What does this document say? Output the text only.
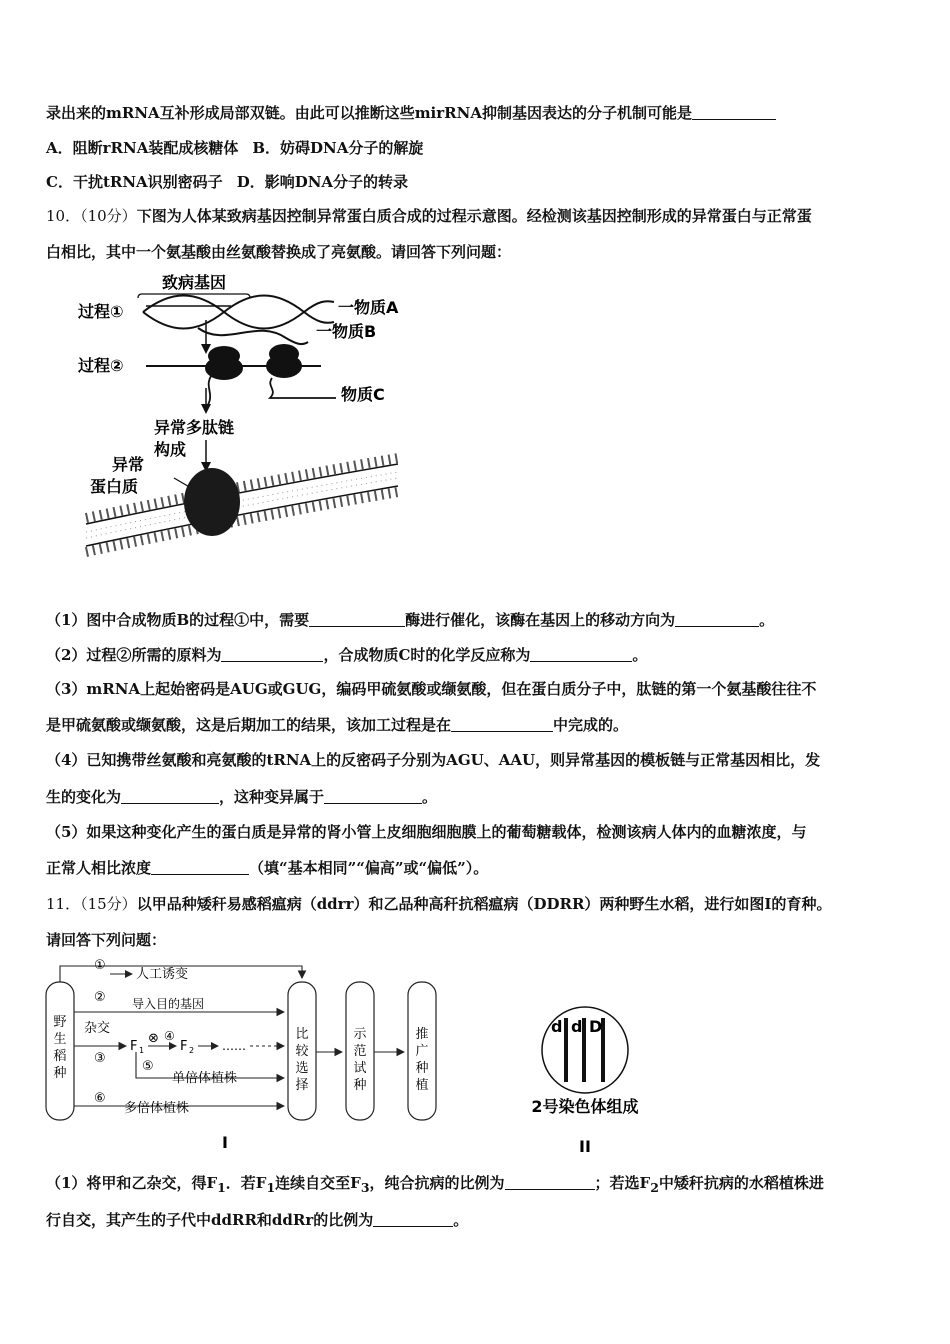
录出来的mRNA互补形成局部双链。由此可以推断这些mirRNA抑制基因表达的分子机制可能是
A．阻断rRNA装配成核糖体 B．妨碍DNA分子的解旋
C．干扰tRNA识别密码子 D．影响DNA分子的转录
10．（10分）下图为人体某致病基因控制异常蛋白质合成的过程示意图。经检测该基因控制形成的异常蛋白与正常蛋
白相比，其中一个氨基酸由丝氨酸替换成了亮氨酸。请回答下列问题：
致病基因
过程①	一物质A
一物质B
过程②
物质C
异常多肽链
构成
异常
蛋白质
（1）图中合成物质B的过程①中，需要	酶进行催化，该酶在基因上的移动方向为	。
（2）过程②所需的原料为	，合成物质C时的化学反应称为	。
（3）mRNA上起始密码是AUG或GUG，编码甲硫氨酸或缬氨酸，但在蛋白质分子中，肽链的第一个氨基酸往往不
是甲硫氨酸或缬氨酸，这是后期加工的结果，该加工过程是在	中完成的。
（4）已知携带丝氨酸和亮氨酸的tRNA上的反密码子分别为AGU、AAU，则异常基因的模板链与正常基因相比，发
生的变化为	，这种变异属于	。
（5）如果这种变化产生的蛋白质是异常的肾小管上皮细胞细胞膜上的葡萄糖载体，检测该病人体内的血糖浓度，与
正常人相比浓度	（填“基本相同”“偏高”或“偏低”）。
11．（15分）以甲品种矮秆易感稻瘟病（ddrr）和乙品种高秆抗稻瘟病（DDRR）两种野生水稻，进行如图I的育种。
请回答下列问题：
野
生
稻
种
比
较
选
择
示
范
试
种
推
广
种
植
①
人工诱变
② 导入目的基因
杂交
③
F 1
⊗ ④
F 2 ……
⑤
单倍体植株
⑥
多倍体植株
I
d d D
2号染色体组成
II
（1）将甲和乙杂交，得$F_1$．若$F_1$连续自交至$F_3$，纯合抗病的比例为	；若选$F_2$中矮秆抗病的水稻植株进
行自交，其产生的子代中ddRR和ddRr的比例为	。
